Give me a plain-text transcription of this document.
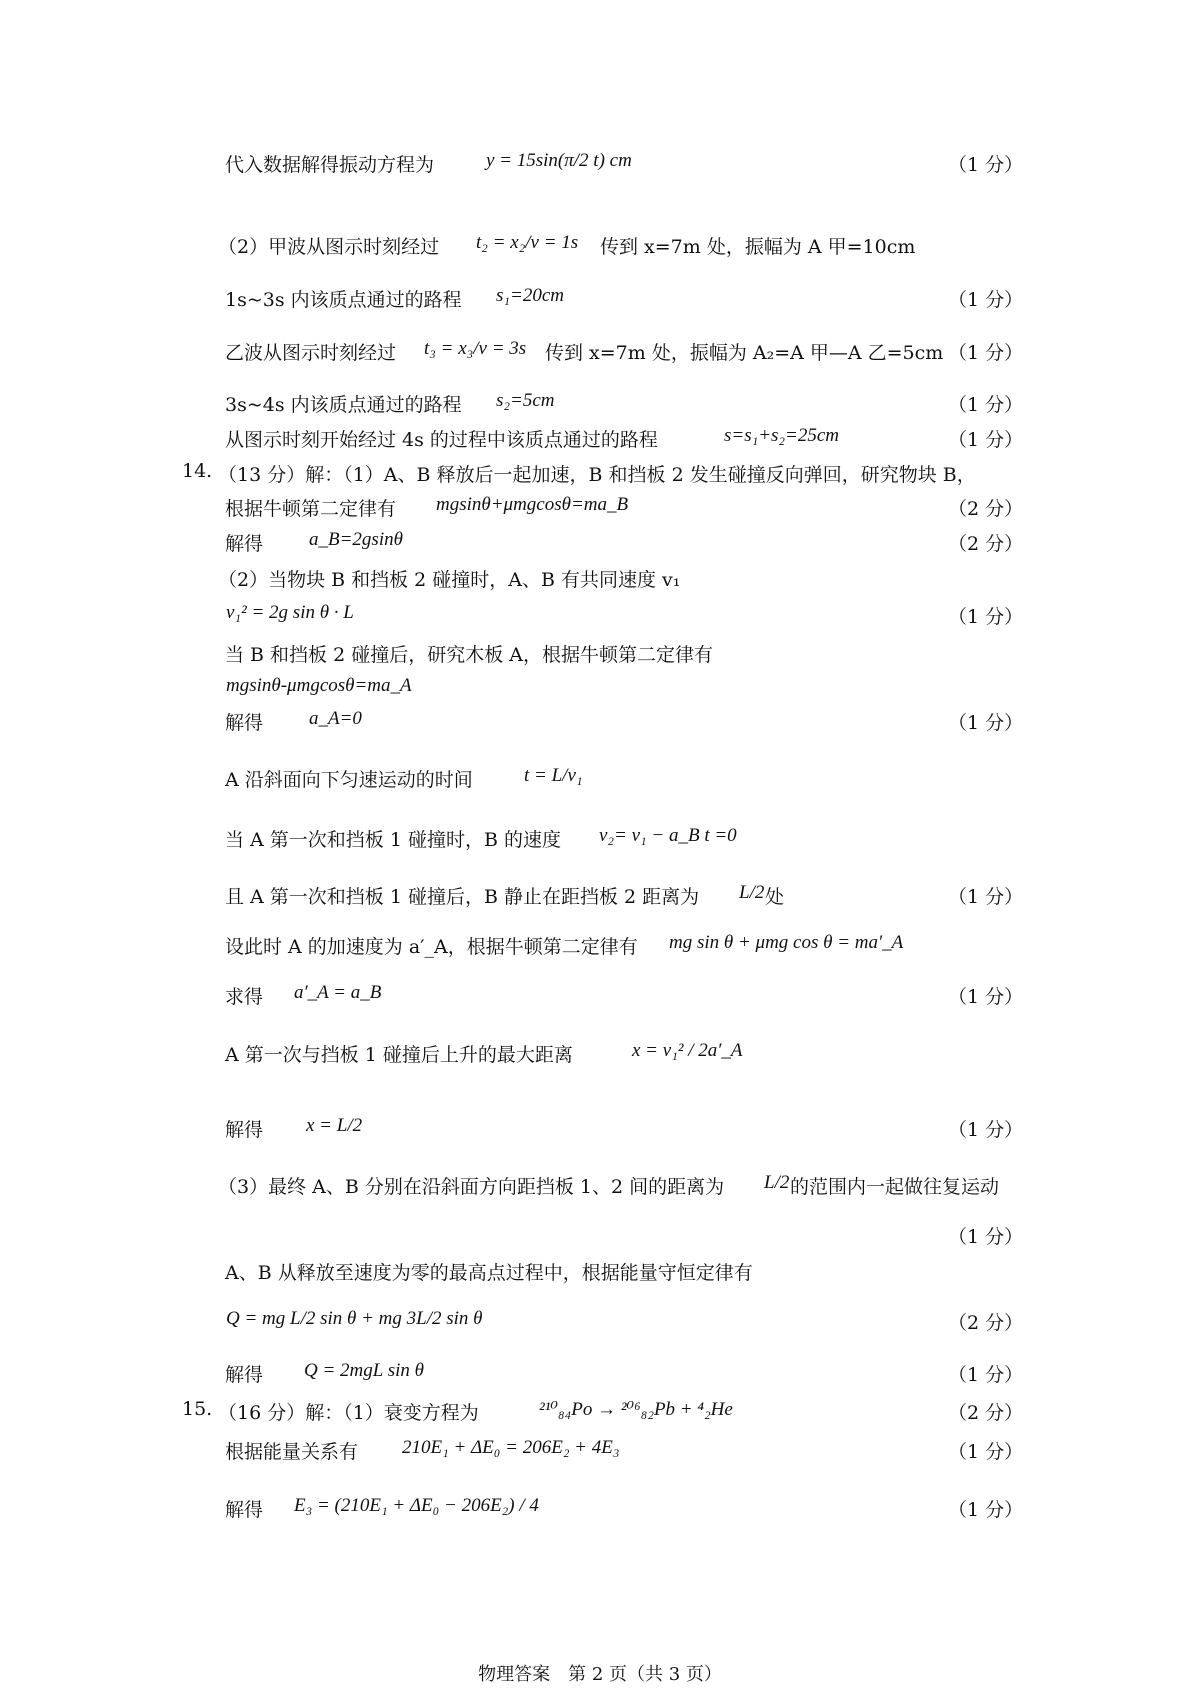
代入数据解得振动方程为	y = 15sin(π/2 t) cm	（1 分）
（2）甲波从图示时刻经过 t₂ = x₂/v = 1s 传到 x=7m 处，振幅为 A 甲=10cm
1s~3s 内该质点通过的路程 s₁=20cm	（1 分）
乙波从图示时刻经过 t₃ = x₃/v = 3s 传到 x=7m 处，振幅为 A₂=A 甲—A 乙=5cm （1 分）
3s~4s 内该质点通过的路程 s₂=5cm	（1 分）
从图示时刻开始经过 4s 的过程中该质点通过的路程	s=s₁+s₂=25cm	（1 分）
14. （13 分）解：（1）A、B 释放后一起加速，B 和挡板 2 发生碰撞反向弹回，研究物块 B，
根据牛顿第二定律有 mgsinθ+μmgcosθ=ma_B	（2 分）
解得 a_B=2gsinθ	（2 分）
（2）当物块 B 和挡板 2 碰撞时，A、B 有共同速度 v₁
v₁² = 2g sin θ · L	（1 分）
当 B 和挡板 2 碰撞后，研究木板 A，根据牛顿第二定律有
mgsinθ-μmgcosθ=ma_A
解得 a_A=0	（1 分）
A 沿斜面向下匀速运动的时间	t = L/v₁
当 A 第一次和挡板 1 碰撞时，B 的速度 v₂= v₁ − a_B t =0
且 A 第一次和挡板 1 碰撞后，B 静止在距挡板 2 距离为 L/2 处	（1 分）
设此时 A 的加速度为 a′_A，根据牛顿第二定律有 mg sin θ + μmg cos θ = ma′_A
求得 a′_A = a_B	（1 分）
A 第一次与挡板 1 碰撞后上升的最大距离	x = v₁² / 2a′_A
解得 x = L/2	（1 分）
（3）最终 A、B 分别在沿斜面方向距挡板 1、2 间的距离为 L/2 的范围内一起做往复运动
（1 分）
A、B 从释放至速度为零的最高点过程中，根据能量守恒定律有
Q = mg L/2 sin θ + mg 3L/2 sin θ	（2 分）
解得 Q = 2mgL sin θ	（1 分）
15. （16 分）解：（1）衰变方程为	²¹⁰₈₄Po → ²⁰⁶₈₂Pb + ⁴₂He	（2 分）
根据能量关系有 210E₁ + ΔE₀ = 206E₂ + 4E₃	（1 分）
解得 E₃ = (210E₁ + ΔE₀ − 206E₂) / 4	（1 分）
物理答案　第 2 页（共 3 页）
